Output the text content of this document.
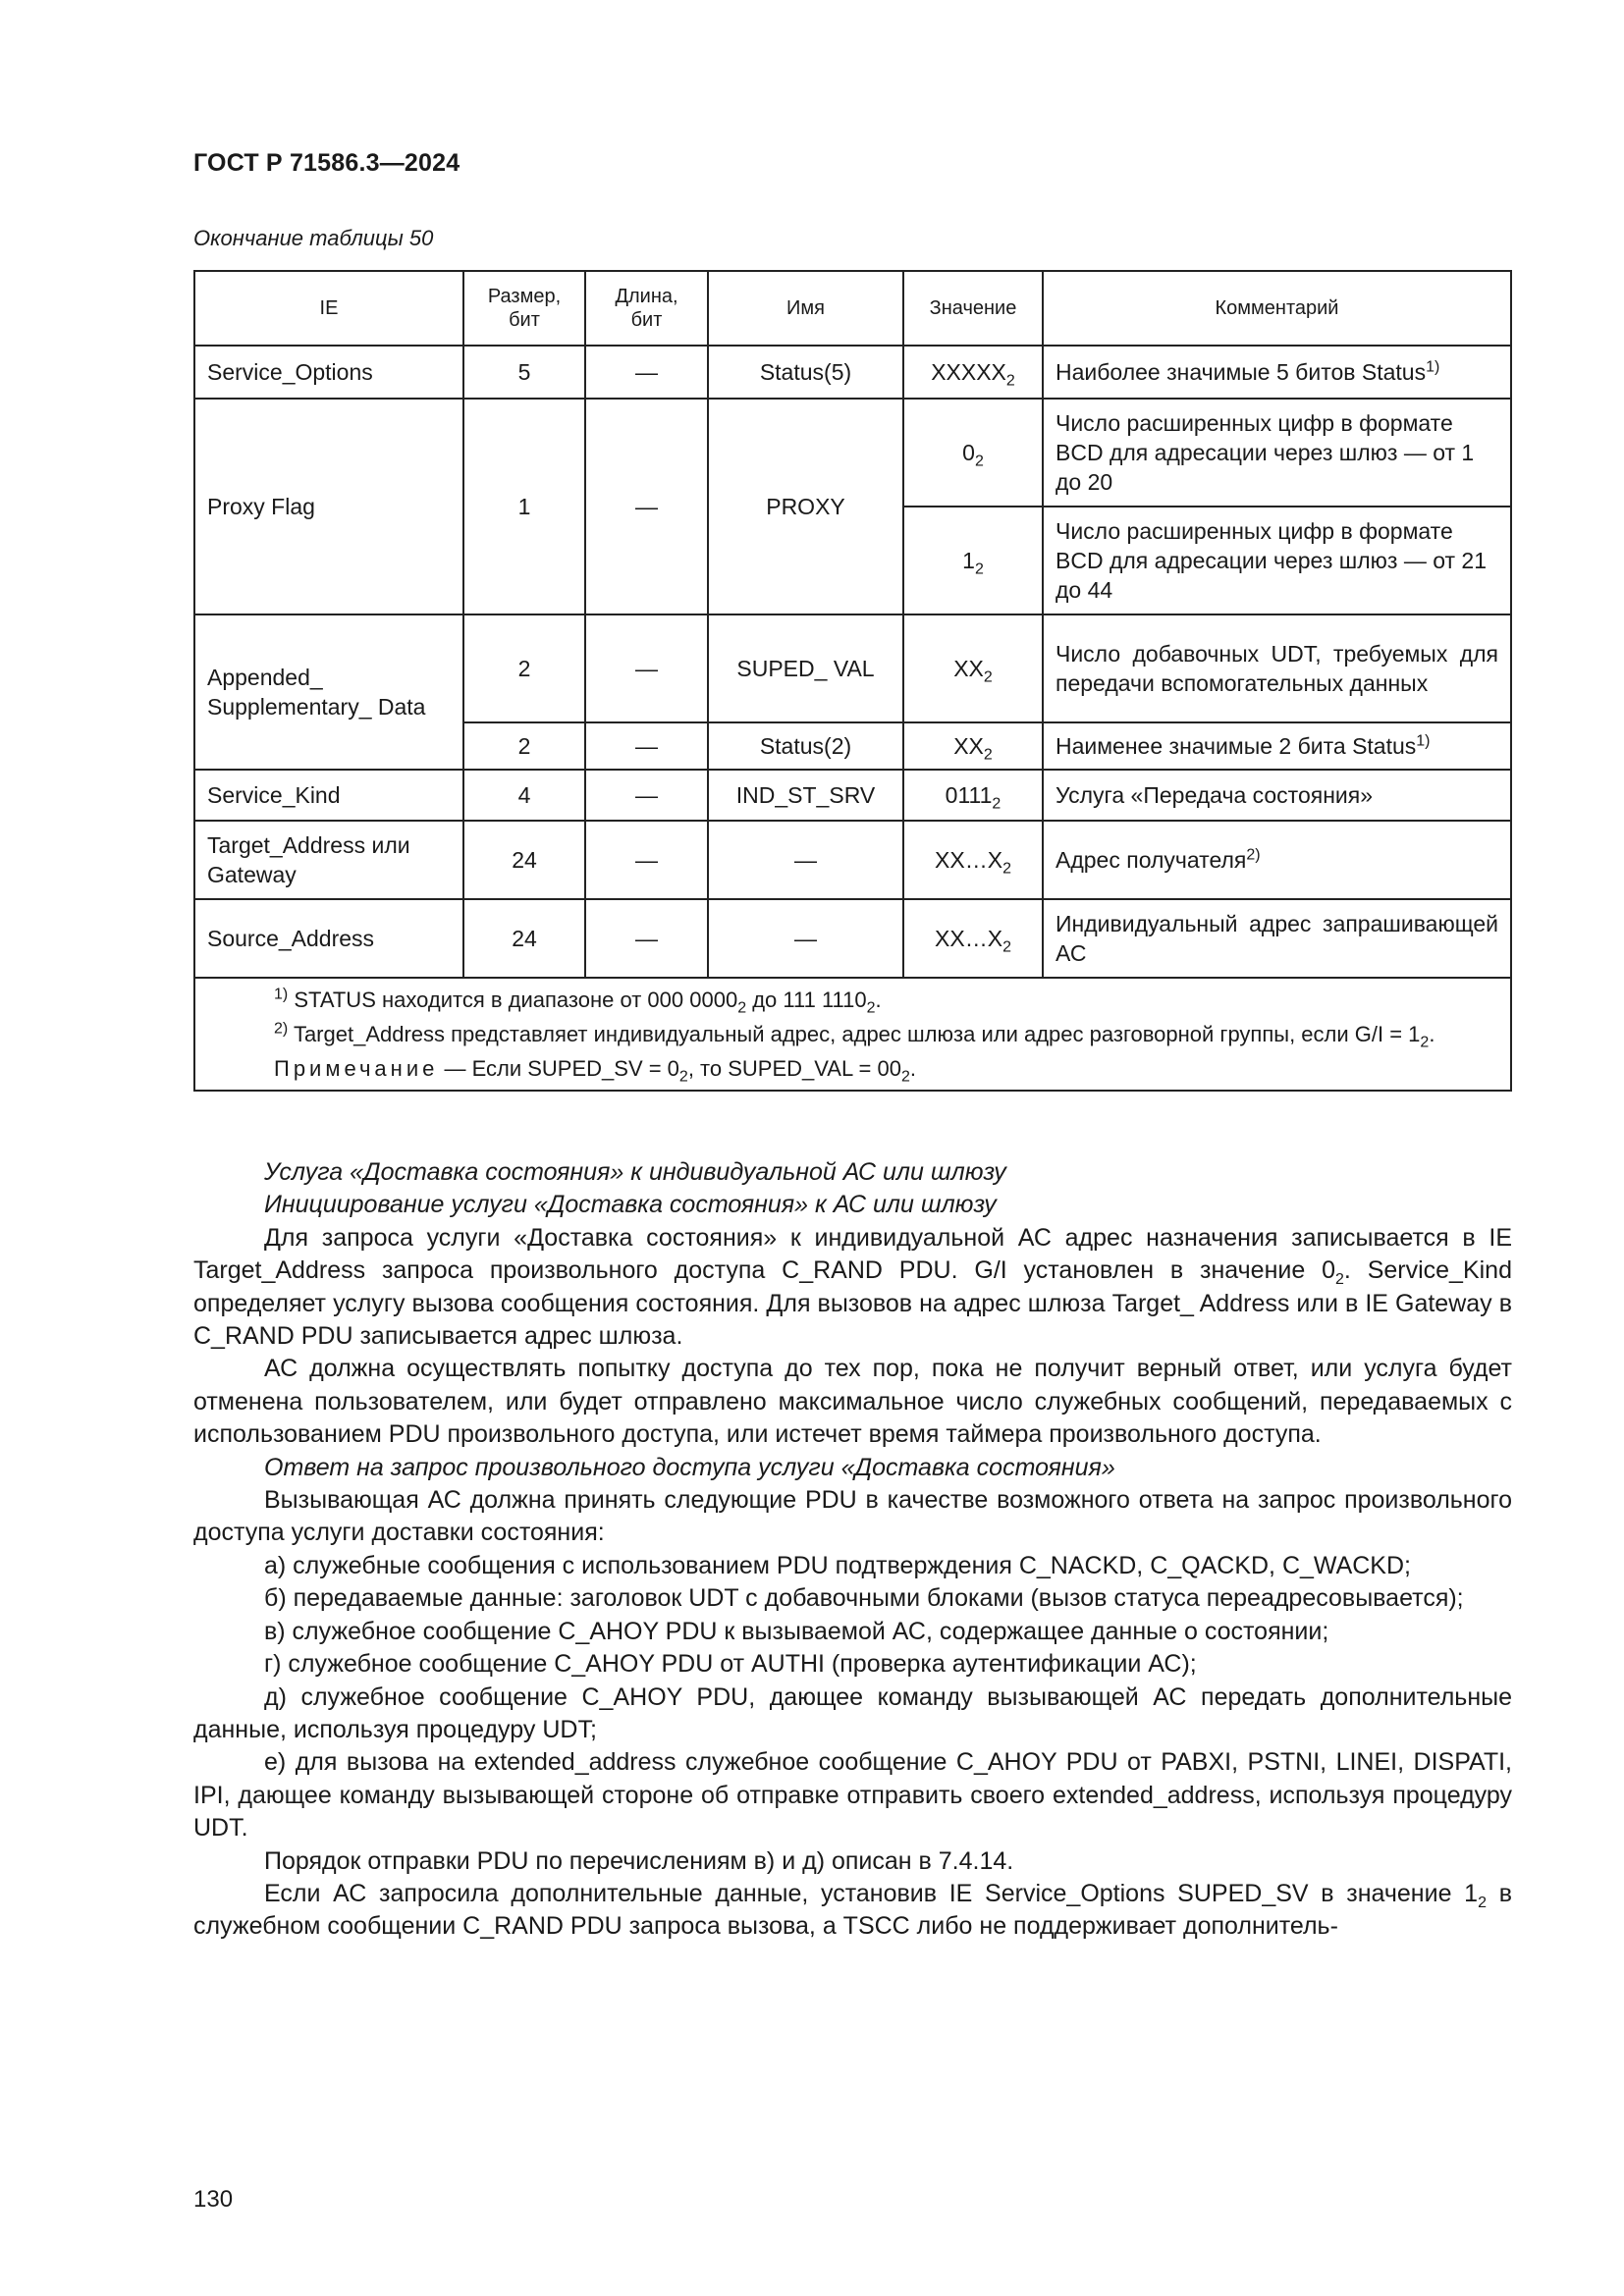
ГОСТ Р 71586.3—2024
Окончание таблицы 50
IE	Размер, бит	Длина, бит	Имя	Значение	Комментарий
Service_Options	5	—	Status(5)	$XXXXX_2$	Наиболее значимые 5 битов Status$^{1)}$
Proxy Flag	1	—	PROXY	$0_2$	Число расширенных цифр в формате BCD для адресации через шлюз — от 1 до 20
				$1_2$	Число расширенных цифр в формате BCD для адресации через шлюз — от 21 до 44
Appended_ Supplementary_ Data	2	—	SUPED_ VAL	$XX_2$	Число добавочных UDT, требуемых для передачи вспомогательных данных
	2	—	Status(2)	$XX_2$	Наименее значимые 2 бита Status$^{1)}$
Service_Kind	4	—	IND_ST_SRV	$0111_2$	Услуга «Передача состояния»
Target_Address или Gateway	24	—	—	$XX\dots X_2$	Адрес получателя$^{2)}$
Source_Address	24	—	—	$XX\dots X_2$	Индивидуальный адрес запрашивающей АС

$^{1)}$ STATUS находится в диапазоне от 000 $0000_2$ до 111 $1110_2$.
$^{2)}$ Target_Address представляет индивидуальный адрес, адрес шлюза или адрес разговорной группы, если $G/I = 1_2$.
Примечание — Если SUPED_SV = $0_2$, то SUPED_VAL = $00_2$.					

Услуга «Доставка состояния» к индивидуальной АС или шлюзу

Инициирование услуги «Доставка состояния» к АС или шлюзу

Для запроса услуги «Доставка состояния» к индивидуальной АС адрес назначения записывается в IE Target_Address запроса произвольного доступа C_RAND PDU. G/I установлен в значение $0_2$. Service_Kind определяет услугу вызова сообщения состояния. Для вызовов на адрес шлюза Target_ Address или в IE Gateway в C_RAND PDU записывается адрес шлюза.

АС должна осуществлять попытку доступа до тех пор, пока не получит верный ответ, или услуга будет отменена пользователем, или будет отправлено максимальное число служебных сообщений, передаваемых с использованием PDU произвольного доступа, или истечет время таймера произвольного доступа.

Ответ на запрос произвольного доступа услуги «Доставка состояния»

Вызывающая АС должна принять следующие PDU в качестве возможного ответа на запрос произвольного доступа услуги доставки состояния:

а) служебные сообщения с использованием PDU подтверждения C_NACKD, C_QACKD, C_WACKD;

б) передаваемые данные: заголовок UDT с добавочными блоками (вызов статуса переадресовывается);

в) служебное сообщение C_AHOY PDU к вызываемой АС, содержащее данные о состоянии;

г) служебное сообщение C_AHOY PDU от AUTHI (проверка аутентификации АС);

д) служебное сообщение C_AHOY PDU, дающее команду вызывающей АС передать дополнительные данные, используя процедуру UDT;

е) для вызова на extended_address служебное сообщение C_AHOY PDU от PABXI, PSTNI, LINEI, DISPATI, IPI, дающее команду вызывающей стороне об отправке отправить своего extended_address, используя процедуру UDT.

Порядок отправки PDU по перечислениям в) и д) описан в 7.4.14.

Если АС запросила дополнительные данные, установив IE Service_Options SUPED_SV в значение $1_2$ в служебном сообщении C_RAND PDU запроса вызова, а TSCC либо не поддерживает дополнитель-

130
